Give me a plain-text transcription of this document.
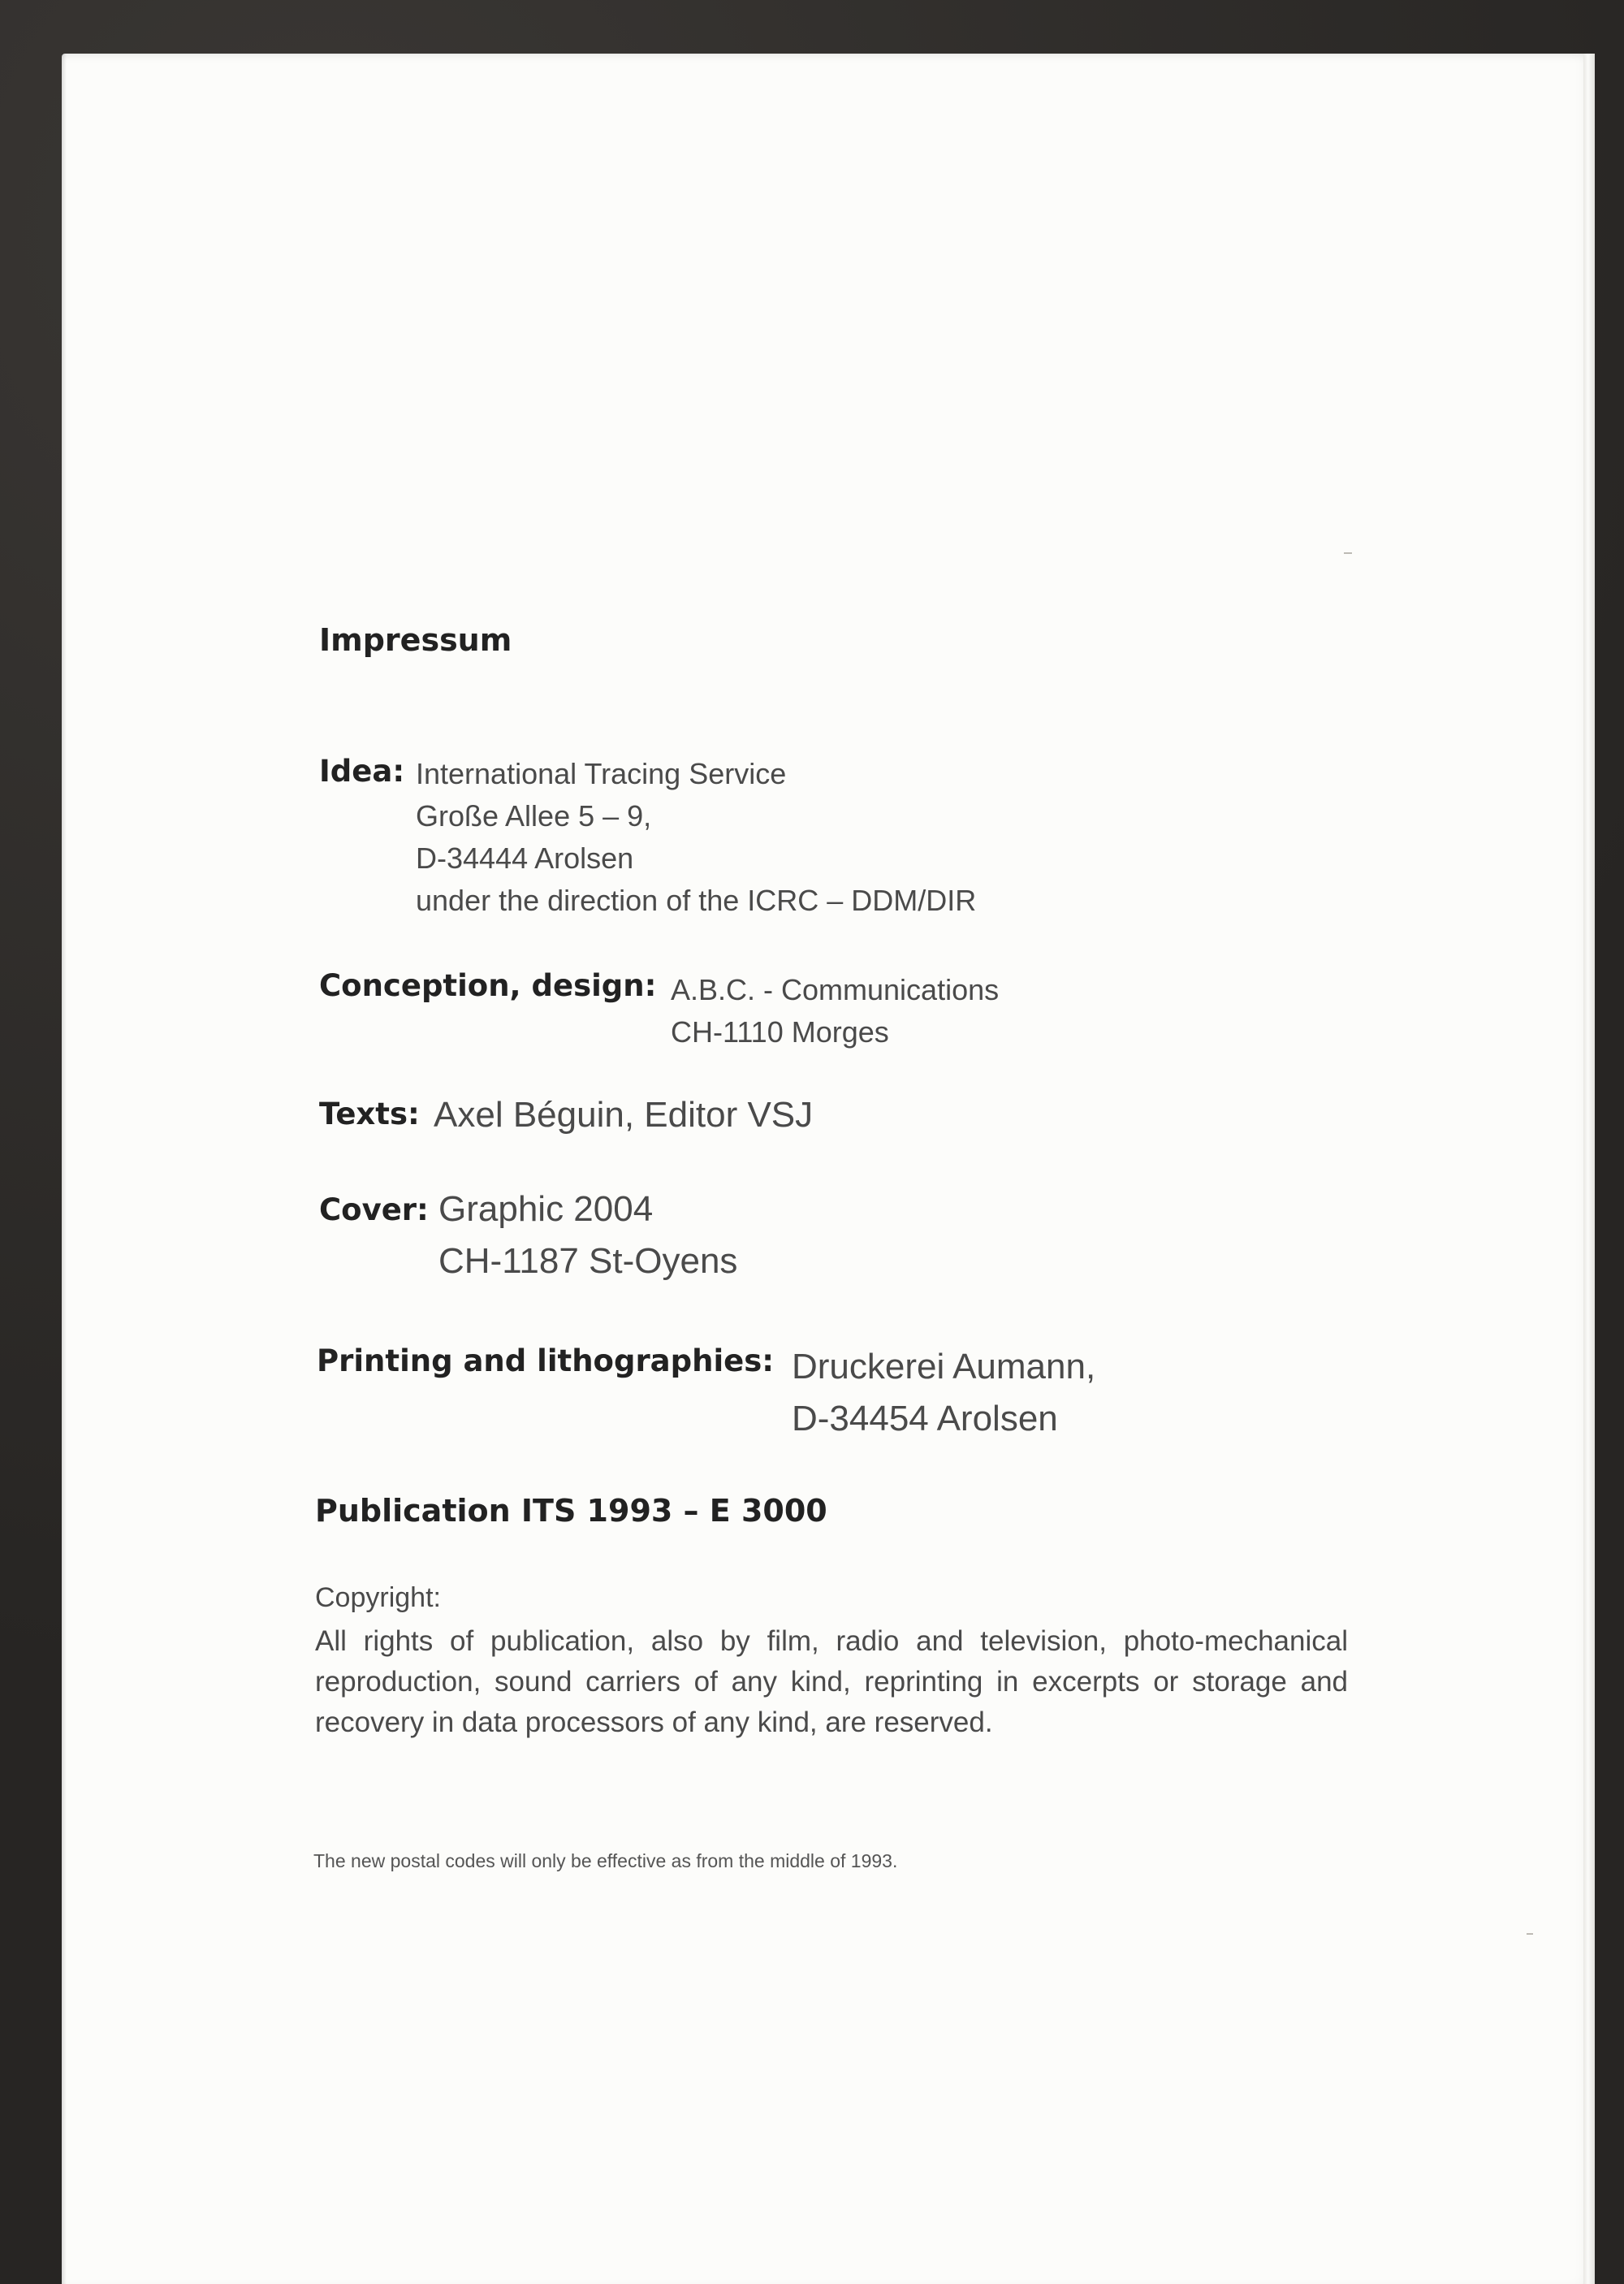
Impressum
Idea: International Tracing Service
Große Allee 5 – 9,
D-34444 Arolsen
under the direction of the ICRC – DDM/DIR
Conception, design: A.B.C. - Communications
CH-1110 Morges
Texts: Axel Béguin, Editor VSJ
Cover: Graphic 2004
CH-1187 St-Oyens
Printing and lithographies: Druckerei Aumann,
D-34454 Arolsen
Publication ITS 1993 – E 3000
Copyright:
All rights of publication, also by film, radio and television, photo-mechanical reproduction, sound carriers of any kind, reprinting in excerpts or storage and recovery in data processors of any kind, are reserved.
The new postal codes will only be effective as from the middle of 1993.
